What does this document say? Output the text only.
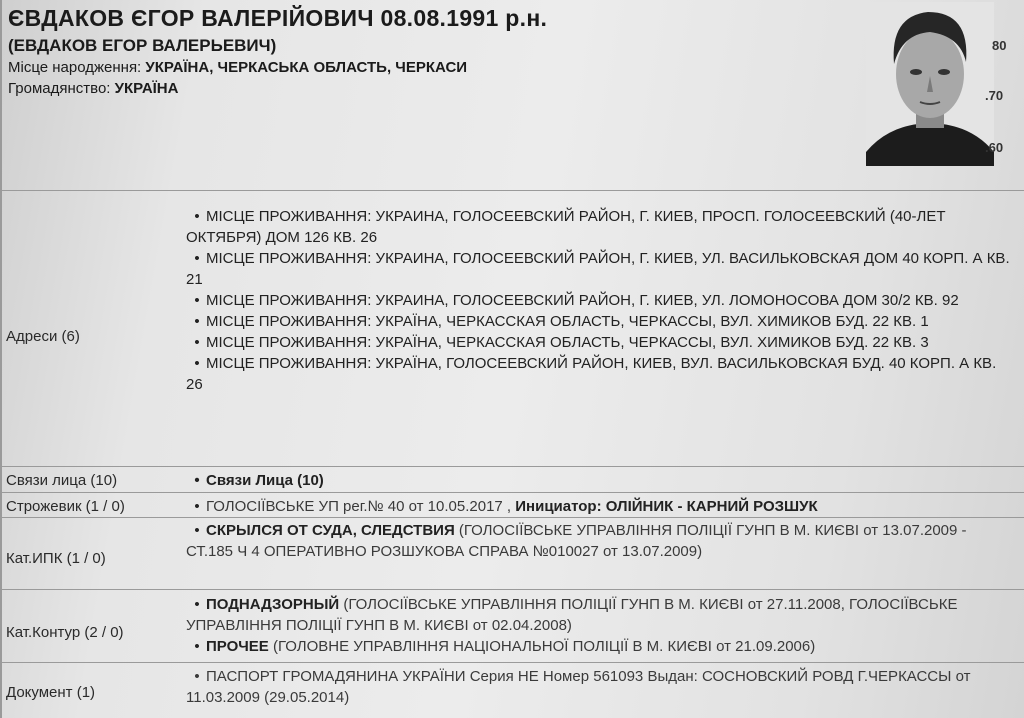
ЄВДАКОВ ЄГОР ВАЛЕРІЙОВИЧ 08.08.1991 р.н.

(ЕВДАКОВ ЕГОР ВАЛЕРЬЕВИЧ)

Місце народження: УКРАЇНА, ЧЕРКАСЬКА ОБЛАСТЬ, ЧЕРКАСИ

Громадянство: УКРАЇНА

80
.70
.60
Адреси (6)

• МІСЦЕ ПРОЖИВАННЯ: УКРАИНА, ГОЛОСЕЕВСКИЙ РАЙОН, Г. КИЕВ, ПРОСП. ГОЛОСЕЕВСКИЙ (40-ЛЕТ ОКТЯБРЯ) ДОМ 126 КВ. 26

• МІСЦЕ ПРОЖИВАННЯ: УКРАИНА, ГОЛОСЕЕВСКИЙ РАЙОН, Г. КИЕВ, УЛ. ВАСИЛЬКОВСКАЯ ДОМ 40 КОРП. А КВ. 21

• МІСЦЕ ПРОЖИВАННЯ: УКРАИНА, ГОЛОСЕЕВСКИЙ РАЙОН, Г. КИЕВ, УЛ. ЛОМОНОСОВА ДОМ 30/2 КВ. 92

• МІСЦЕ ПРОЖИВАННЯ: УКРАЇНА, ЧЕРКАССКАЯ ОБЛАСТЬ, ЧЕРКАССЫ, ВУЛ. ХИМИКОВ БУД. 22 КВ. 1

• МІСЦЕ ПРОЖИВАННЯ: УКРАЇНА, ЧЕРКАССКАЯ ОБЛАСТЬ, ЧЕРКАССЫ, ВУЛ. ХИМИКОВ БУД. 22 КВ. 3

• МІСЦЕ ПРОЖИВАННЯ: УКРАЇНА, ГОЛОСЕЕВСКИЙ РАЙОН, КИЕВ, ВУЛ. ВАСИЛЬКОВСКАЯ БУД. 40 КОРП. А КВ. 26

Связи лица (10)	• Связи Лица (10)

Строжевик (1 / 0)	• ГОЛОСІЇВСЬКЕ УП рег.№ 40 от 10.05.2017 , Инициатор: ОЛІЙНИК - КАРНИЙ РОЗШУК

Кат.ИПК (1 / 0)

• СКРЫЛСЯ ОТ СУДА, СЛЕДСТВИЯ (ГОЛОСІЇВСЬКЕ УПРАВЛІННЯ ПОЛІЦІЇ ГУНП В М. КИЄВІ от 13.07.2009 - СТ.185 Ч 4 ОПЕРАТИВНО РОЗШУКОВА СПРАВА №010027 от 13.07.2009)

Кат.Контур (2 / 0)

• ПОДНАДЗОРНЫЙ (ГОЛОСІЇВСЬКЕ УПРАВЛІННЯ ПОЛІЦІЇ ГУНП В М. КИЄВІ от 27.11.2008, ГОЛОСІЇВСЬКЕ УПРАВЛІННЯ ПОЛІЦІЇ ГУНП В М. КИЄВІ от 02.04.2008)

• ПРОЧЕЕ (ГОЛОВНЕ УПРАВЛІННЯ НАЦІОНАЛЬНОЇ ПОЛІЦІЇ В М. КИЄВІ от 21.09.2006)

Документ (1)

• ПАСПОРТ ГРОМАДЯНИНА УКРАЇНИ Серия НЕ Номер 561093 Выдан: СОСНОВСКИЙ РОВД Г.ЧЕРКАССЫ от 11.03.2009 (29.05.2014)
